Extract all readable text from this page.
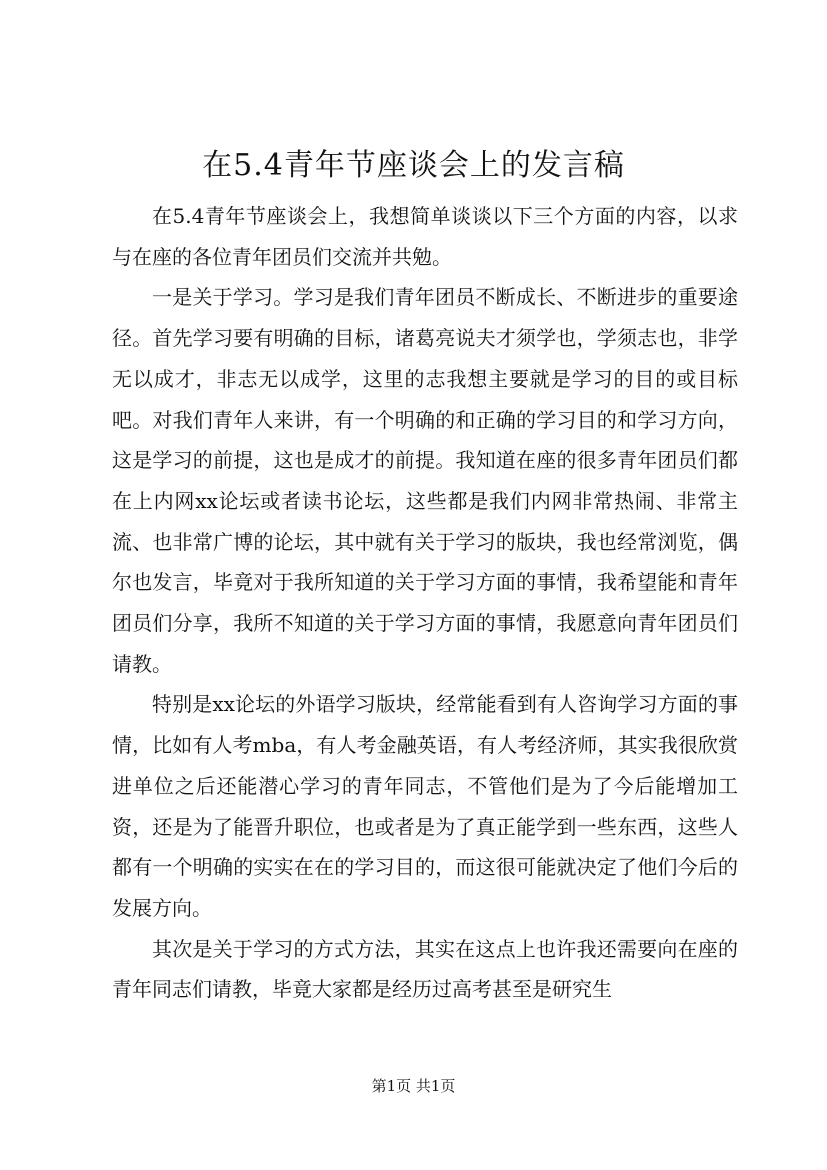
在5.4青年节座谈会上的发言稿

在5.4青年节座谈会上，我想简单谈谈以下三个方面的内容，以求与在座的各位青年团员们交流并共勉。

一是关于学习。学习是我们青年团员不断成长、不断进步的重要途径。首先学习要有明确的目标，诸葛亮说夫才须学也，学须志也，非学无以成才，非志无以成学，这里的志我想主要就是学习的目的或目标吧。对我们青年人来讲，有一个明确的和正确的学习目的和学习方向，这是学习的前提，这也是成才的前提。我知道在座的很多青年团员们都在上内网xx论坛或者读书论坛，这些都是我们内网非常热闹、非常主流、也非常广博的论坛，其中就有关于学习的版块，我也经常浏览，偶尔也发言，毕竟对于我所知道的关于学习方面的事情，我希望能和青年团员们分享，我所不知道的关于学习方面的事情，我愿意向青年团员们请教。

特别是xx论坛的外语学习版块，经常能看到有人咨询学习方面的事情，比如有人考mba，有人考金融英语，有人考经济师，其实我很欣赏进单位之后还能潜心学习的青年同志，不管他们是为了今后能增加工资，还是为了能晋升职位，也或者是为了真正能学到一些东西，这些人都有一个明确的实实在在的学习目的，而这很可能就决定了他们今后的发展方向。

其次是关于学习的方式方法，其实在这点上也许我还需要向在座的青年同志们请教，毕竟大家都是经历过高考甚至是研究生

第1页 共1页
